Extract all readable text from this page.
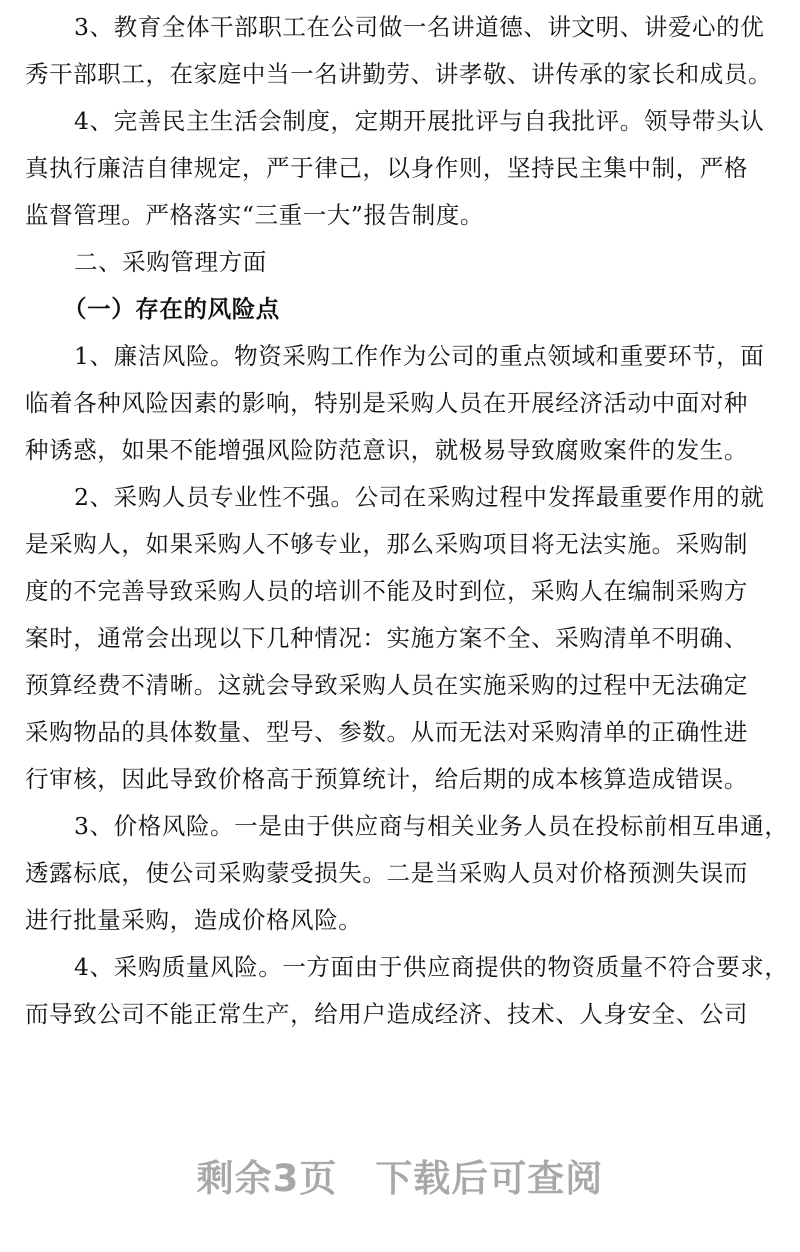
3、教育全体干部职工在公司做一名讲道德、讲文明、讲爱心的优
秀干部职工，在家庭中当一名讲勤劳、讲孝敬、讲传承的家长和成员。
4、完善民主生活会制度，定期开展批评与自我批评。领导带头认
真执行廉洁自律规定，严于律己，以身作则，坚持民主集中制，严格
监督管理。严格落实“三重一大”报告制度。
二、采购管理方面
（一）存在的风险点
1、廉洁风险。物资采购工作作为公司的重点领域和重要环节，面
临着各种风险因素的影响，特别是采购人员在开展经济活动中面对种
种诱惑，如果不能增强风险防范意识，就极易导致腐败案件的发生。
2、采购人员专业性不强。公司在采购过程中发挥最重要作用的就
是采购人，如果采购人不够专业，那么采购项目将无法实施。采购制
度的不完善导致采购人员的培训不能及时到位，采购人在编制采购方
案时，通常会出现以下几种情况：实施方案不全、采购清单不明确、
预算经费不清晰。这就会导致采购人员在实施采购的过程中无法确定
采购物品的具体数量、型号、参数。从而无法对采购清单的正确性进
行审核，因此导致价格高于预算统计，给后期的成本核算造成错误。
3、价格风险。一是由于供应商与相关业务人员在投标前相互串通，
透露标底，使公司采购蒙受损失。二是当采购人员对价格预测失误而
进行批量采购，造成价格风险。
4、采购质量风险。一方面由于供应商提供的物资质量不符合要求，
而导致公司不能正常生产，给用户造成经济、技术、人身安全、公司
剩余3页 下载后可查阅
